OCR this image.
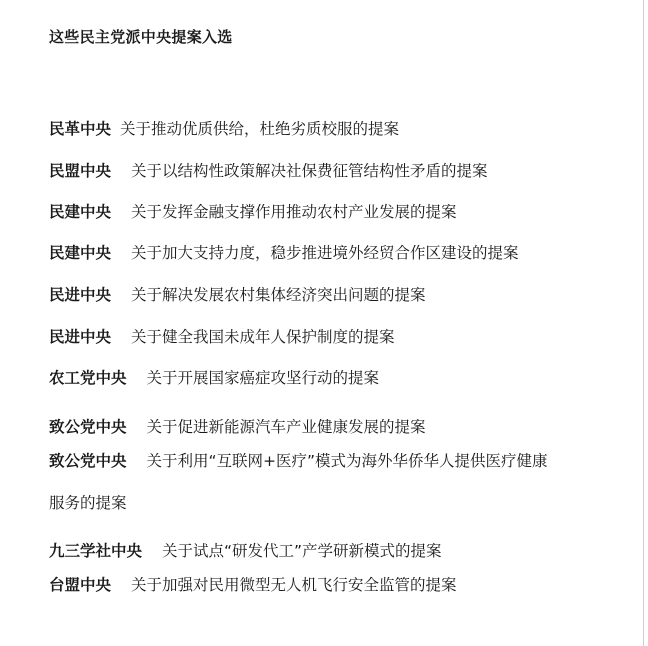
这些民主党派中央提案入选
民革中央 关于推动优质供给，杜绝劣质校服的提案
民盟中央 关于以结构性政策解决社保费征管结构性矛盾的提案
民建中央 关于发挥金融支撑作用推动农村产业发展的提案
民建中央 关于加大支持力度，稳步推进境外经贸合作区建设的提案
民进中央 关于解决发展农村集体经济突出问题的提案
民进中央 关于健全我国未成年人保护制度的提案
农工党中央 关于开展国家癌症攻坚行动的提案
致公党中央 关于促进新能源汽车产业健康发展的提案
致公党中央 关于利用“互联网+医疗”模式为海外华侨华人提供医疗健康
服务的提案
九三学社中央 关于试点“研发代工”产学研新模式的提案
台盟中央 关于加强对民用微型无人机飞行安全监管的提案
